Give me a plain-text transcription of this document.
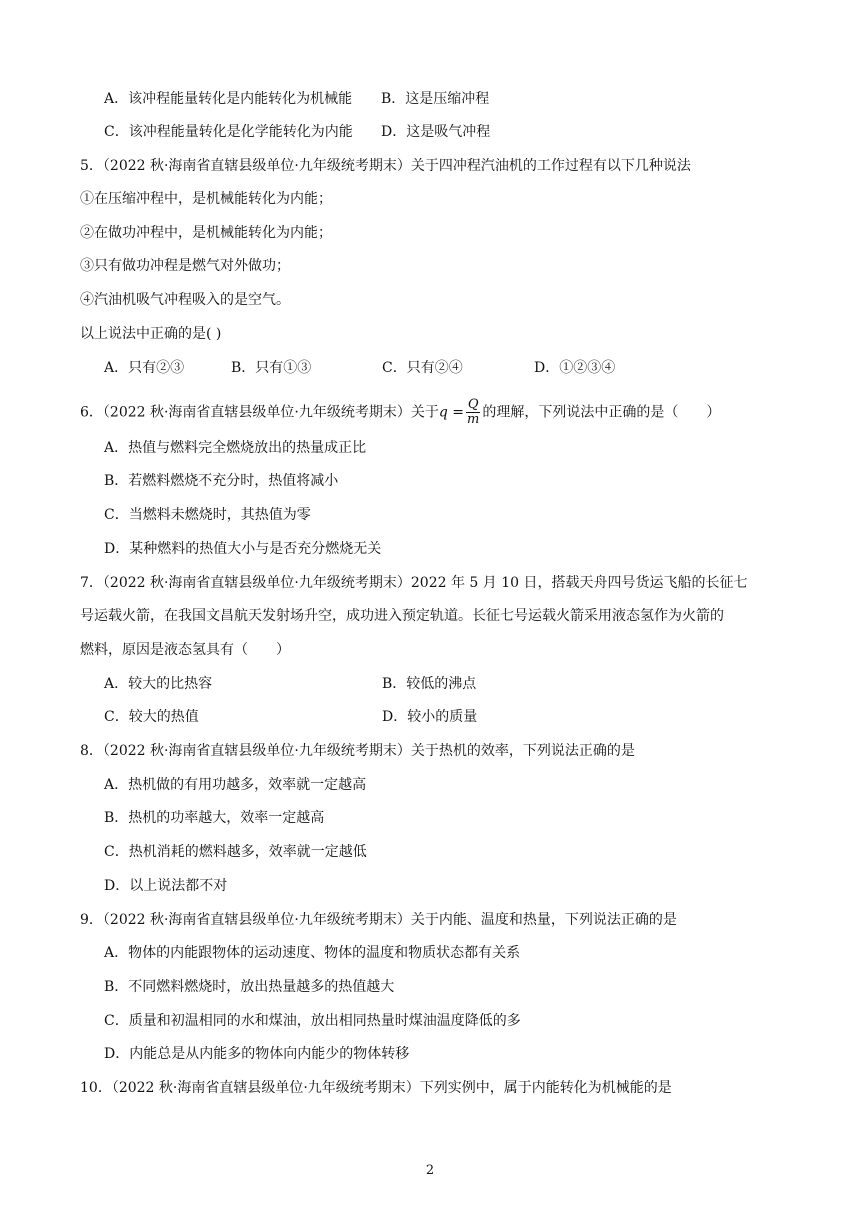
A．该冲程能量转化是内能转化为机械能 B．这是压缩冲程
C．该冲程能量转化是化学能转化为内能 D．这是吸气冲程
5．（2022 秋·海南省直辖县级单位·九年级统考期末）关于四冲程汽油机的工作过程有以下几种说法
①在压缩冲程中，是机械能转化为内能；
②在做功冲程中，是机械能转化为内能；
③只有做功冲程是燃气对外做功；
④汽油机吸气冲程吸入的是空气。
以上说法中正确的是( )
A．只有②③	B．只有①③	C．只有②④	D．①②③④
6．（2022 秋·海南省直辖县级单位·九年级统考期末）关于$q = \frac{Q}{m}$ 的理解，下列说法中正确的是（　　）
A．热值与燃料完全燃烧放出的热量成正比
B．若燃料燃烧不充分时，热值将减小
C．当燃料未燃烧时，其热值为零
D．某种燃料的热值大小与是否充分燃烧无关
7．（2022 秋·海南省直辖县级单位·九年级统考期末）2022 年 5 月 10 日，搭载天舟四号货运飞船的长征七
号运载火箭，在我国文昌航天发射场升空，成功进入预定轨道。长征七号运载火箭采用液态氢作为火箭的
燃料，原因是液态氢具有（　　）
A．较大的比热容	B．较低的沸点
C．较大的热值	D．较小的质量
8．（2022 秋·海南省直辖县级单位·九年级统考期末）关于热机的效率，下列说法正确的是
A．热机做的有用功越多，效率就一定越高
B．热机的功率越大，效率一定越高
C．热机消耗的燃料越多，效率就一定越低
D．以上说法都不对
9．（2022 秋·海南省直辖县级单位·九年级统考期末）关于内能、温度和热量，下列说法正确的是
A．物体的内能跟物体的运动速度、物体的温度和物质状态都有关系
B．不同燃料燃烧时，放出热量越多的热值越大
C．质量和初温相同的水和煤油，放出相同热量时煤油温度降低的多
D．内能总是从内能多的物体向内能少的物体转移
10．（2022 秋·海南省直辖县级单位·九年级统考期末）下列实例中，属于内能转化为机械能的是
2
